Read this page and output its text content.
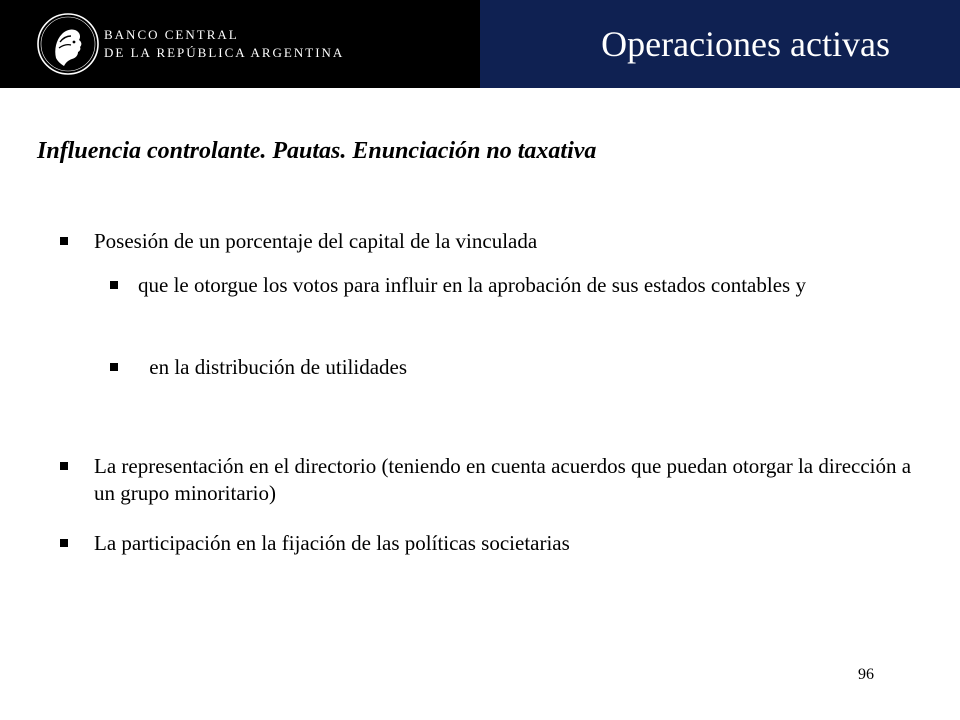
BANCO CENTRAL
DE LA REPÚBLICA ARGENTINA	Operaciones activas
Influencia controlante. Pautas. Enunciación no taxativa
Posesión de un porcentaje del capital de la vinculada
que le otorgue los votos para influir en la aprobación de sus estados contables y
en la distribución de utilidades
La representación en el directorio (teniendo en cuenta acuerdos que puedan otorgar la dirección a un grupo minoritario)
La participación en la fijación de las políticas societarias
96
